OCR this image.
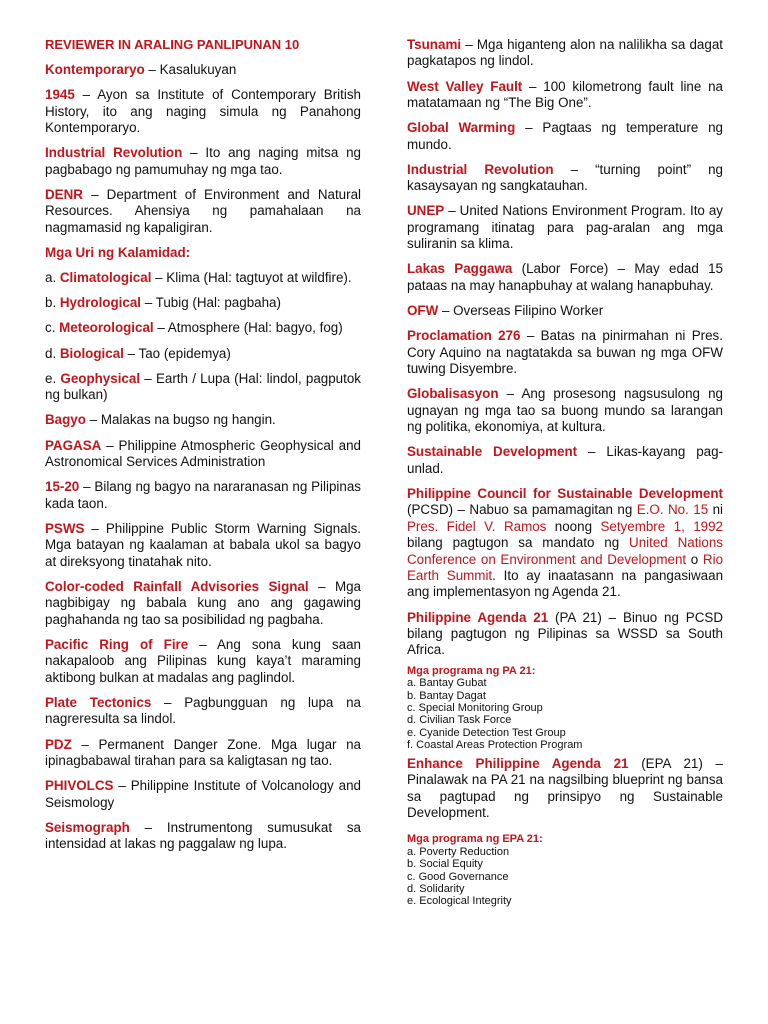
REVIEWER IN ARALING PANLIPUNAN 10

Kontemporaryo – Kasalukuyan

1945 – Ayon sa Institute of Contemporary British History, ito ang naging simula ng Panahong Kontemporaryo.

Industrial Revolution – Ito ang naging mitsa ng pagbabago ng pamumuhay ng mga tao.

DENR – Department of Environment and Natural Resources. Ahensiya ng pamahalaan na nagmamasid ng kapaligiran.

Mga Uri ng Kalamidad:

a. Climatological – Klima (Hal: tagtuyot at wildfire).

b. Hydrological – Tubig (Hal: pagbaha)

c. Meteorological – Atmosphere (Hal: bagyo, fog)

d. Biological – Tao (epidemya)

e. Geophysical – Earth / Lupa (Hal: lindol, pagputok ng bulkan)

Bagyo – Malakas na bugso ng hangin.

PAGASA – Philippine Atmospheric Geophysical and Astronomical Services Administration

15-20 – Bilang ng bagyo na nararanasan ng Pilipinas kada taon.

PSWS – Philippine Public Storm Warning Signals. Mga batayan ng kaalaman at babala ukol sa bagyo at direksyong tinatahak nito.

Color-coded Rainfall Advisories Signal – Mga nagbibigay ng babala kung ano ang gagawing paghahanda ng tao sa posibilidad ng pagbaha.

Pacific Ring of Fire – Ang sona kung saan nakapaloob ang Pilipinas kung kaya’t maraming aktibong bulkan at madalas ang paglindol.

Plate Tectonics – Pagbungguan ng lupa na nagreresulta sa lindol.

PDZ – Permanent Danger Zone. Mga lugar na ipinagbabawal tirahan para sa kaligtasan ng tao.

PHIVOLCS – Philippine Institute of Volcanology and Seismology

Seismograph – Instrumentong sumusukat sa intensidad at lakas ng paggalaw ng lupa.

Tsunami – Mga higanteng alon na nalilikha sa dagat pagkatapos ng lindol.

West Valley Fault – 100 kilometrong fault line na matatamaan ng “The Big One”.

Global Warming – Pagtaas ng temperature ng mundo.

Industrial Revolution – “turning point” ng kasaysayan ng sangkatauhan.

UNEP – United Nations Environment Program. Ito ay programang itinatag para pag-aralan ang mga suliranin sa klima.

Lakas Paggawa (Labor Force) – May edad 15 pataas na may hanapbuhay at walang hanapbuhay.

OFW – Overseas Filipino Worker

Proclamation 276 – Batas na pinirmahan ni Pres. Cory Aquino na nagtatakda sa buwan ng mga OFW tuwing Disyembre.

Globalisasyon – Ang prosesong nagsusulong ng ugnayan ng mga tao sa buong mundo sa larangan ng politika, ekonomiya, at kultura.

Sustainable Development – Likas-kayang pag-unlad.

Philippine Council for Sustainable Development (PCSD) – Nabuo sa pamamagitan ng E.O. No. 15 ni Pres. Fidel V. Ramos noong Setyembre 1, 1992 bilang pagtugon sa mandato ng United Nations Conference on Environment and Development o Rio Earth Summit. Ito ay inaatasann na pangasiwaan ang implementasyon ng Agenda 21.

Philippine Agenda 21 (PA 21) – Binuo ng PCSD bilang pagtugon ng Pilipinas sa WSSD sa South Africa.

Mga programa ng PA 21:

a. Bantay Gubat
b. Bantay Dagat
c. Special Monitoring Group
d. Civilian Task Force
e. Cyanide Detection Test Group
f. Coastal Areas Protection Program

Enhance Philippine Agenda 21 (EPA 21) – Pinalawak na PA 21 na nagsilbing blueprint ng bansa sa pagtupad ng prinsipyo ng Sustainable Development.

Mga programa ng EPA 21:

a. Poverty Reduction
b. Social Equity
c. Good Governance
d. Solidarity
e. Ecological Integrity
